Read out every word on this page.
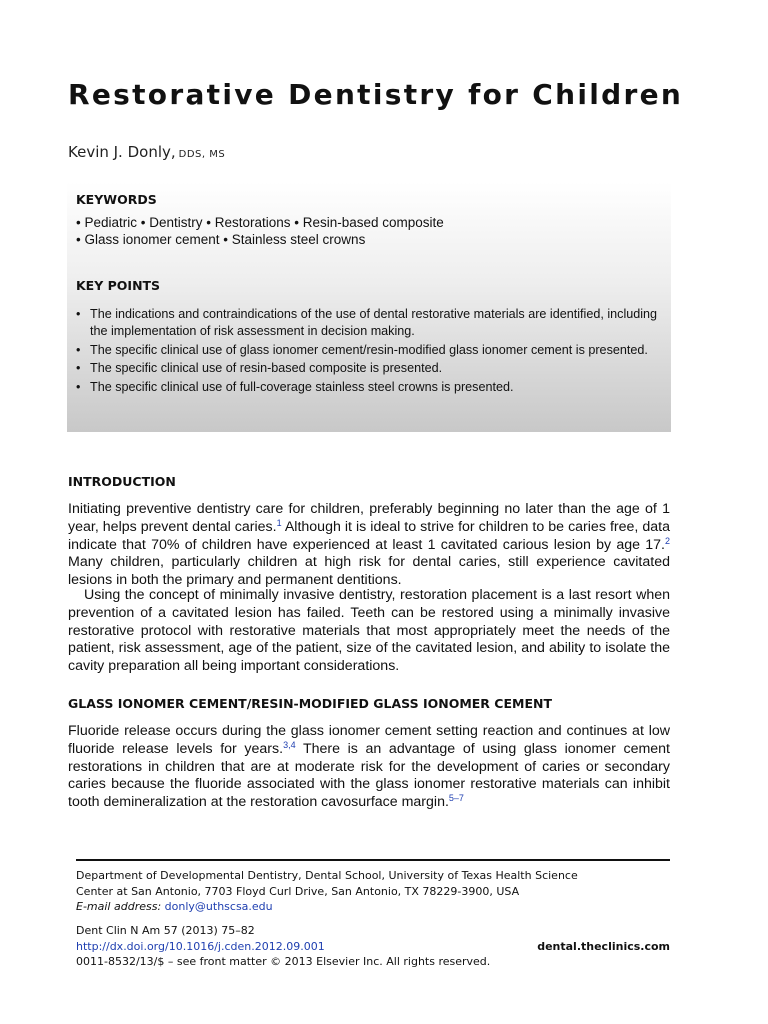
Restorative Dentistry for Children
Kevin J. Donly, DDS, MS
KEYWORDS
• Pediatric • Dentistry • Restorations • Resin-based composite
• Glass ionomer cement • Stainless steel crowns
KEY POINTS
• The indications and contraindications of the use of dental restorative materials are identified, including the implementation of risk assessment in decision making.
• The specific clinical use of glass ionomer cement/resin-modified glass ionomer cement is presented.
• The specific clinical use of resin-based composite is presented.
• The specific clinical use of full-coverage stainless steel crowns is presented.
INTRODUCTION

Initiating preventive dentistry care for children, preferably beginning no later than the age of 1 year, helps prevent dental caries.$^1$ Although it is ideal to strive for children to be caries free, data indicate that 70% of children have experienced at least 1 cavitated carious lesion by age 17.$^2$ Many children, particularly children at high risk for dental caries, still experience cavitated lesions in both the primary and permanent dentitions.

Using the concept of minimally invasive dentistry, restoration placement is a last resort when prevention of a cavitated lesion has failed. Teeth can be restored using a minimally invasive restorative protocol with restorative materials that most appropriately meet the needs of the patient, risk assessment, age of the patient, size of the cavitated lesion, and ability to isolate the cavity preparation all being important considerations.

GLASS IONOMER CEMENT/RESIN-MODIFIED GLASS IONOMER CEMENT

Fluoride release occurs during the glass ionomer cement setting reaction and continues at low fluoride release levels for years.$^{3,4}$ There is an advantage of using glass ionomer cement restorations in children that are at moderate risk for the development of caries or secondary caries because the fluoride associated with the glass ionomer restorative materials can inhibit tooth demineralization at the restoration cavosurface margin.$^{5-7}$

Department of Developmental Dentistry, Dental School, University of Texas Health Science
Center at San Antonio, 7703 Floyd Curl Drive, San Antonio, TX 78229-3900, USA
E-mail address: donly@uthscsa.edu
Dent Clin N Am 57 (2013) 75–82
http://dx.doi.org/10.1016/j.cden.2012.09.001	dental.theclinics.com
0011-8532/13/$ – see front matter © 2013 Elsevier Inc. All rights reserved.
